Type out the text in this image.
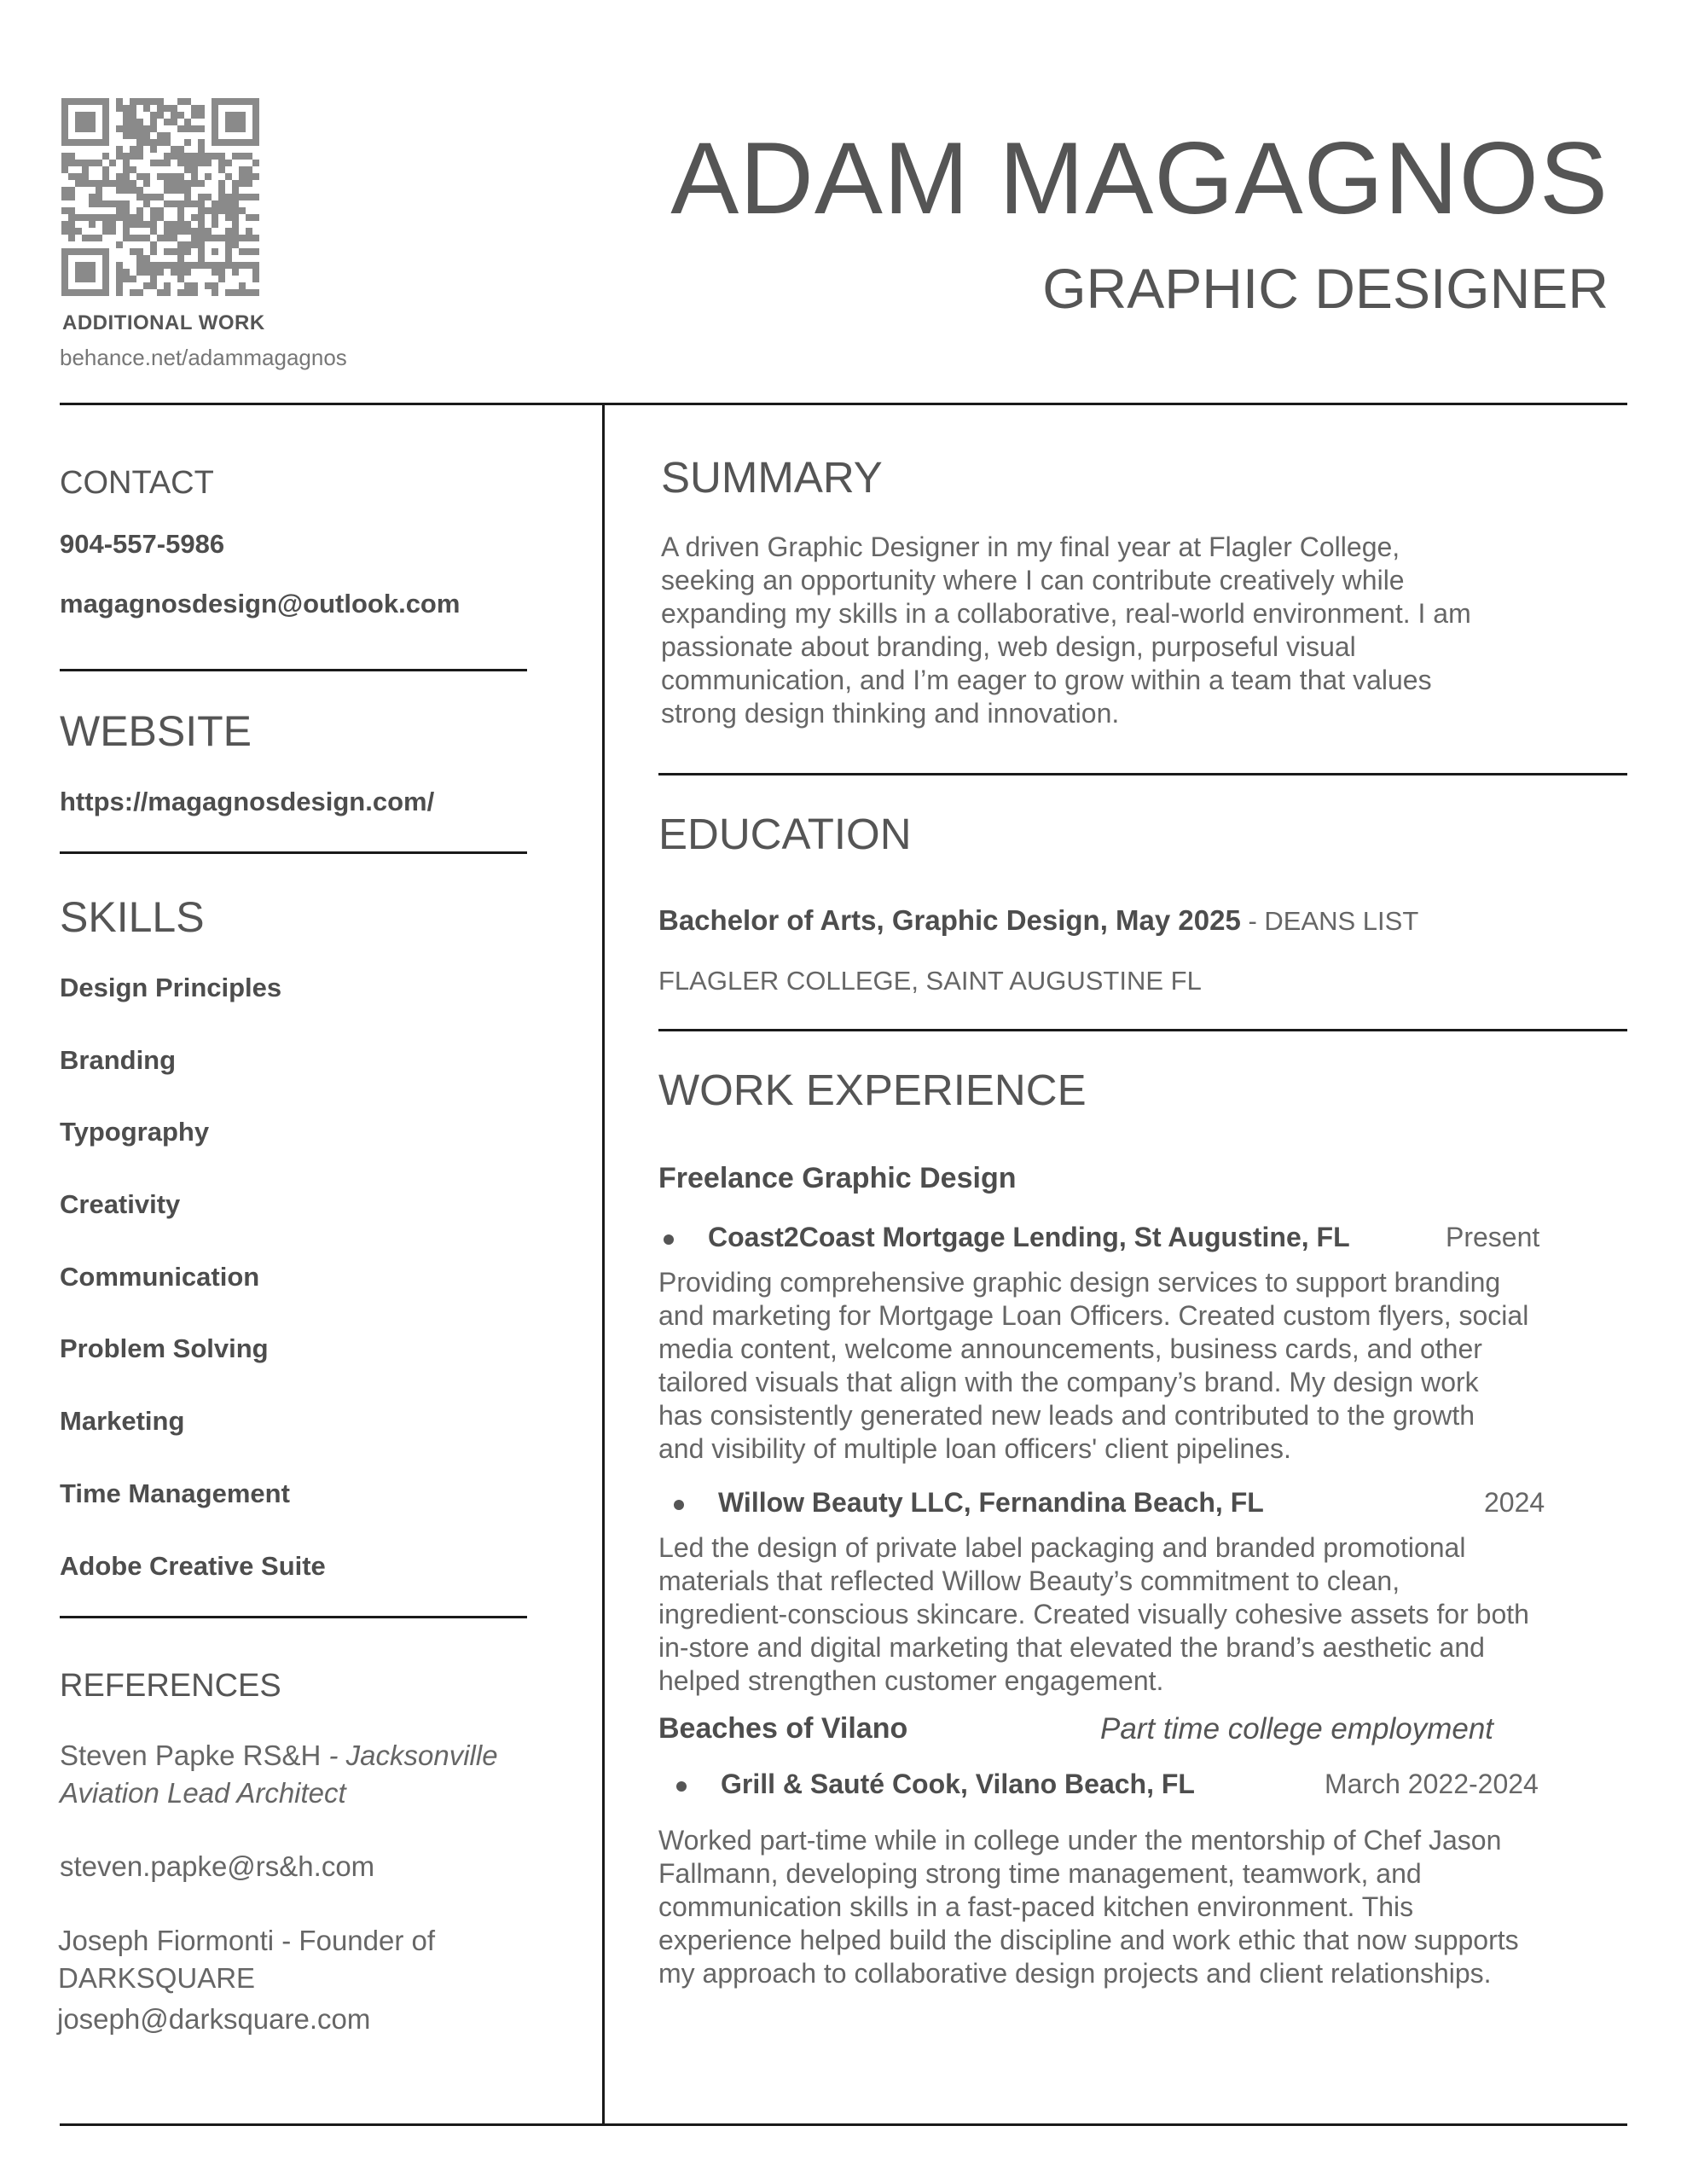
ADDITIONAL WORK
behance.net/adammagagnos
ADAM MAGAGNOS
GRAPHIC DESIGNER
CONTACT
904-557-5986
magagnosdesign@outlook.com
WEBSITE
https://magagnosdesign.com/
SKILLS
Design Principles
Branding
Typography
Creativity
Communication
Problem Solving
Marketing
Time Management
Adobe Creative Suite
REFERENCES
Steven Papke RS&H - Jacksonville
Aviation Lead Architect
steven.papke@rs&h.com
Joseph Fiormonti - Founder of
DARKSQUARE
joseph@darksquare.com
SUMMARY
A driven Graphic Designer in my final year at Flagler College,
seeking an opportunity where I can contribute creatively while
expanding my skills in a collaborative, real-world environment. I am
passionate about branding, web design, purposeful visual
communication, and I’m eager to grow within a team that values
strong design thinking and innovation.
EDUCATION
Bachelor of Arts, Graphic Design, May 2025 - DEANS LIST
FLAGLER COLLEGE, SAINT AUGUSTINE FL
WORK EXPERIENCE
Freelance Graphic Design
Coast2Coast Mortgage Lending, St Augustine, FL	Present
Providing comprehensive graphic design services to support branding
and marketing for Mortgage Loan Officers. Created custom flyers, social
media content, welcome announcements, business cards, and other
tailored visuals that align with the company’s brand. My design work
has consistently generated new leads and contributed to the growth
and visibility of multiple loan officers' client pipelines.
Willow Beauty LLC, Fernandina Beach, FL	2024
Led the design of private label packaging and branded promotional
materials that reflected Willow Beauty’s commitment to clean,
ingredient-conscious skincare. Created visually cohesive assets for both
in-store and digital marketing that elevated the brand’s aesthetic and
helped strengthen customer engagement.
Beaches of Vilano	Part time college employment
Grill & Sauté Cook, Vilano Beach, FL	March 2022-2024
Worked part-time while in college under the mentorship of Chef Jason
Fallmann, developing strong time management, teamwork, and
communication skills in a fast-paced kitchen environment. This
experience helped build the discipline and work ethic that now supports
my approach to collaborative design projects and client relationships.
